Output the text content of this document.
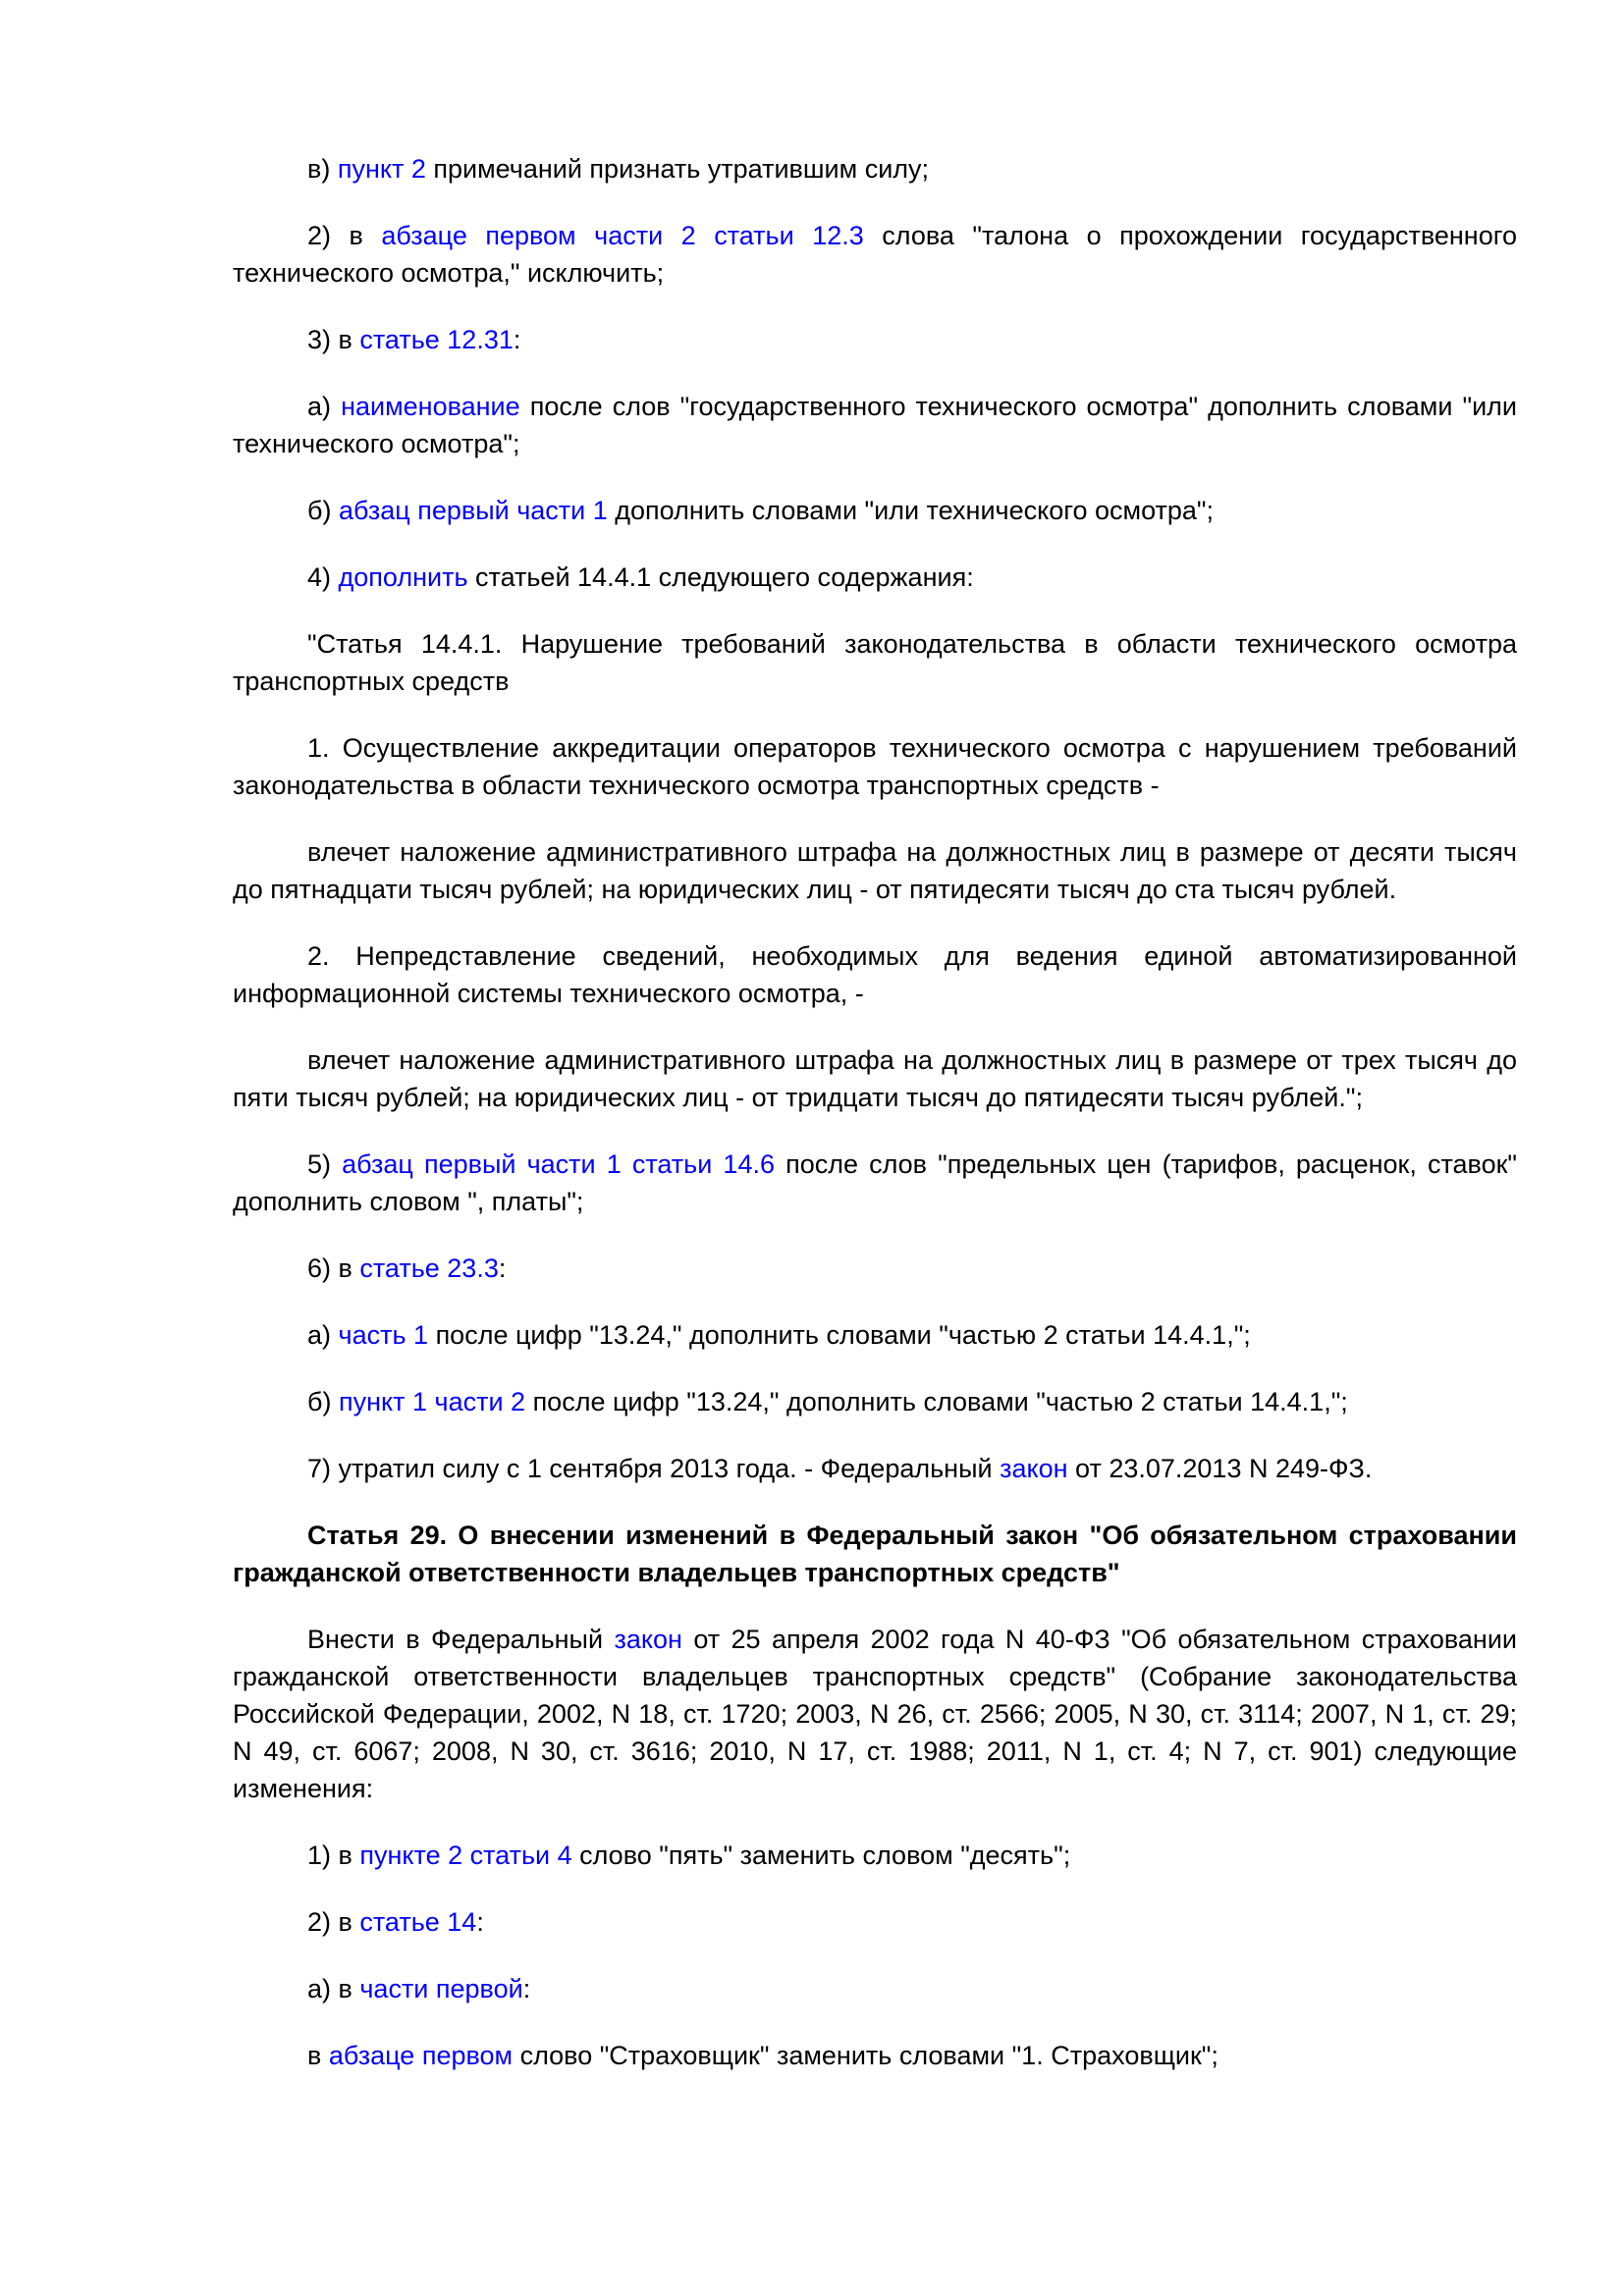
в) пункт 2 примечаний признать утратившим силу;

2) в абзаце первом части 2 статьи 12.3 слова "талона о прохождении государственного технического осмотра," исключить;

3) в статье 12.31:

а) наименование после слов "государственного технического осмотра" дополнить словами "или технического осмотра";

б) абзац первый части 1 дополнить словами "или технического осмотра";

4) дополнить статьей 14.4.1 следующего содержания:

"Статья 14.4.1. Нарушение требований законодательства в области технического осмотра транспортных средств

1. Осуществление аккредитации операторов технического осмотра с нарушением требований законодательства в области технического осмотра транспортных средств -

влечет наложение административного штрафа на должностных лиц в размере от десяти тысяч до пятнадцати тысяч рублей; на юридических лиц - от пятидесяти тысяч до ста тысяч рублей.

2. Непредставление сведений, необходимых для ведения единой автоматизированной информационной системы технического осмотра, -

влечет наложение административного штрафа на должностных лиц в размере от трех тысяч до пяти тысяч рублей; на юридических лиц - от тридцати тысяч до пятидесяти тысяч рублей.";

5) абзац первый части 1 статьи 14.6 после слов "предельных цен (тарифов, расценок, ставок" дополнить словом ", платы";

6) в статье 23.3:

а) часть 1 после цифр "13.24," дополнить словами "частью 2 статьи 14.4.1,";

б) пункт 1 части 2 после цифр "13.24," дополнить словами "частью 2 статьи 14.4.1,";

7) утратил силу с 1 сентября 2013 года. - Федеральный закон от 23.07.2013 N 249-ФЗ.

Статья 29. О внесении изменений в Федеральный закон "Об обязательном страховании гражданской ответственности владельцев транспортных средств"

Внести в Федеральный закон от 25 апреля 2002 года N 40-ФЗ "Об обязательном страховании гражданской ответственности владельцев транспортных средств" (Собрание законодательства Российской Федерации, 2002, N 18, ст. 1720; 2003, N 26, ст. 2566; 2005, N 30, ст. 3114; 2007, N 1, ст. 29; N 49, ст. 6067; 2008, N 30, ст. 3616; 2010, N 17, ст. 1988; 2011, N 1, ст. 4; N 7, ст. 901) следующие изменения:

1) в пункте 2 статьи 4 слово "пять" заменить словом "десять";

2) в статье 14:

а) в части первой:

в абзаце первом слово "Страховщик" заменить словами "1. Страховщик";
